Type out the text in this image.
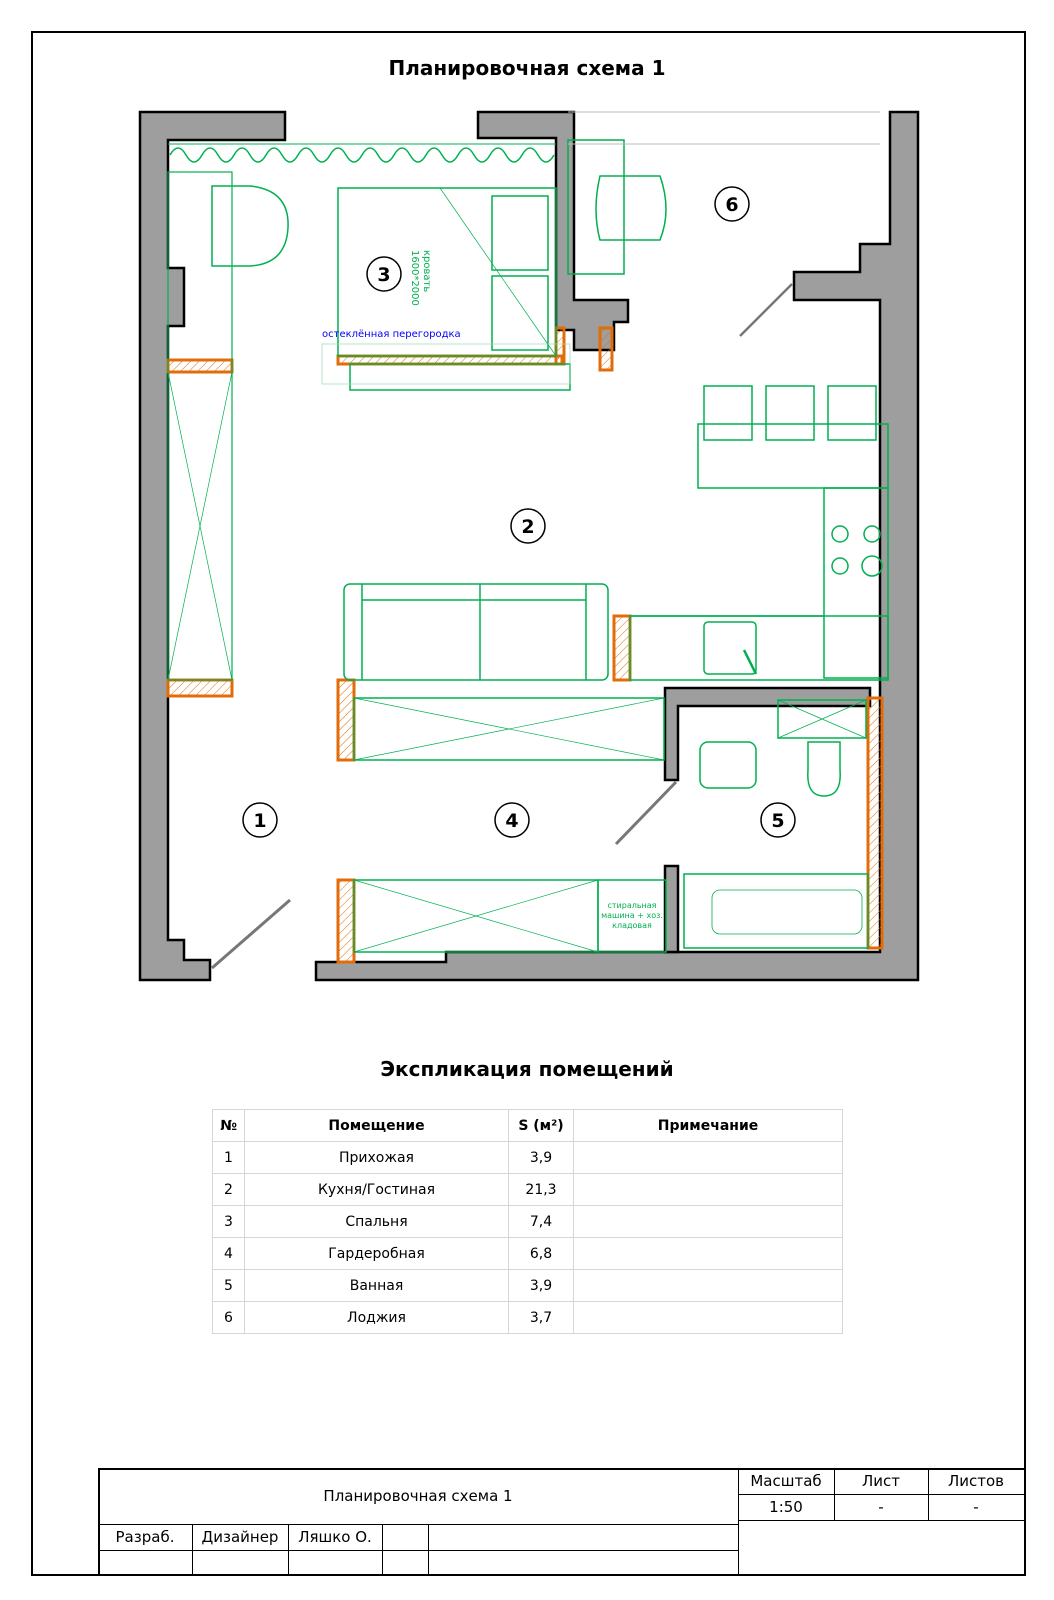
Планировочная схема 1
кровать
1600*2000
остеклённая перегородка
стиральная
машина + хоз.
кладовая
1
2
3
4	5
6
Экспликация помещений
№	Помещение	S (м²)	Примечание
1	Прихожая	3,9	
2	Кухня/Гостиная	21,3	
3	Спальня	7,4	
4	Гардеробная	6,8	
5	Ванная	3,9	
6	Лоджия	3,7	
Планировочная схема 1
Масштаб	Лист	Листов
1:50	-	-
Разраб.	Дизайнер	Ляшко О.
